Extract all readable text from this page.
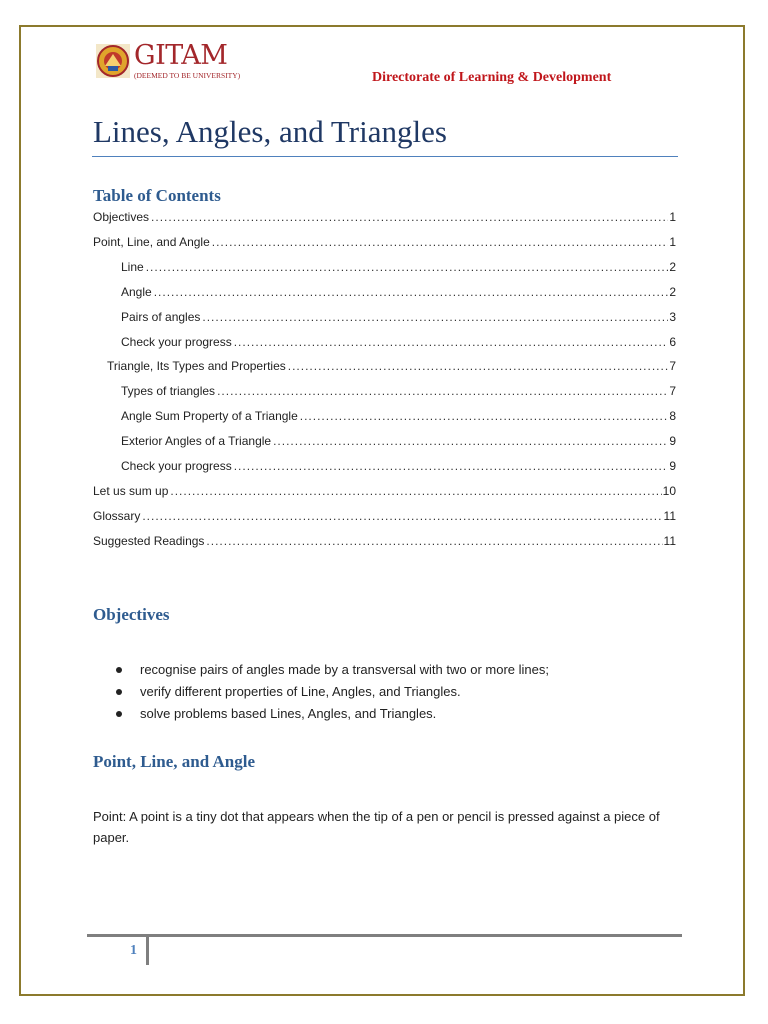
GITAM
(DEEMED TO BE UNIVERSITY)	Directorate of Learning & Development
Lines, Angles, and Triangles
Table of Contents
Objectives .....	1
Point, Line, and Angle .....	1
Line .....	2
Angle .....	2
Pairs of angles .....	3
Check your progress .....	6
Triangle, Its Types and Properties .....	7
Types of triangles .....	7
Angle Sum Property of a Triangle .....	8
Exterior Angles of a Triangle .....	9
Check your progress .....	9
Let us sum up .....	10
Glossary .....	11
Suggested Readings .....	11
Objectives
recognise pairs of angles made by a transversal with two or more lines;
verify different properties of Line, Angles, and Triangles.
solve problems based Lines, Angles, and Triangles.
Point, Line, and Angle
Point: A point is a tiny dot that appears when the tip of a pen or pencil is pressed against a piece of paper.
1
